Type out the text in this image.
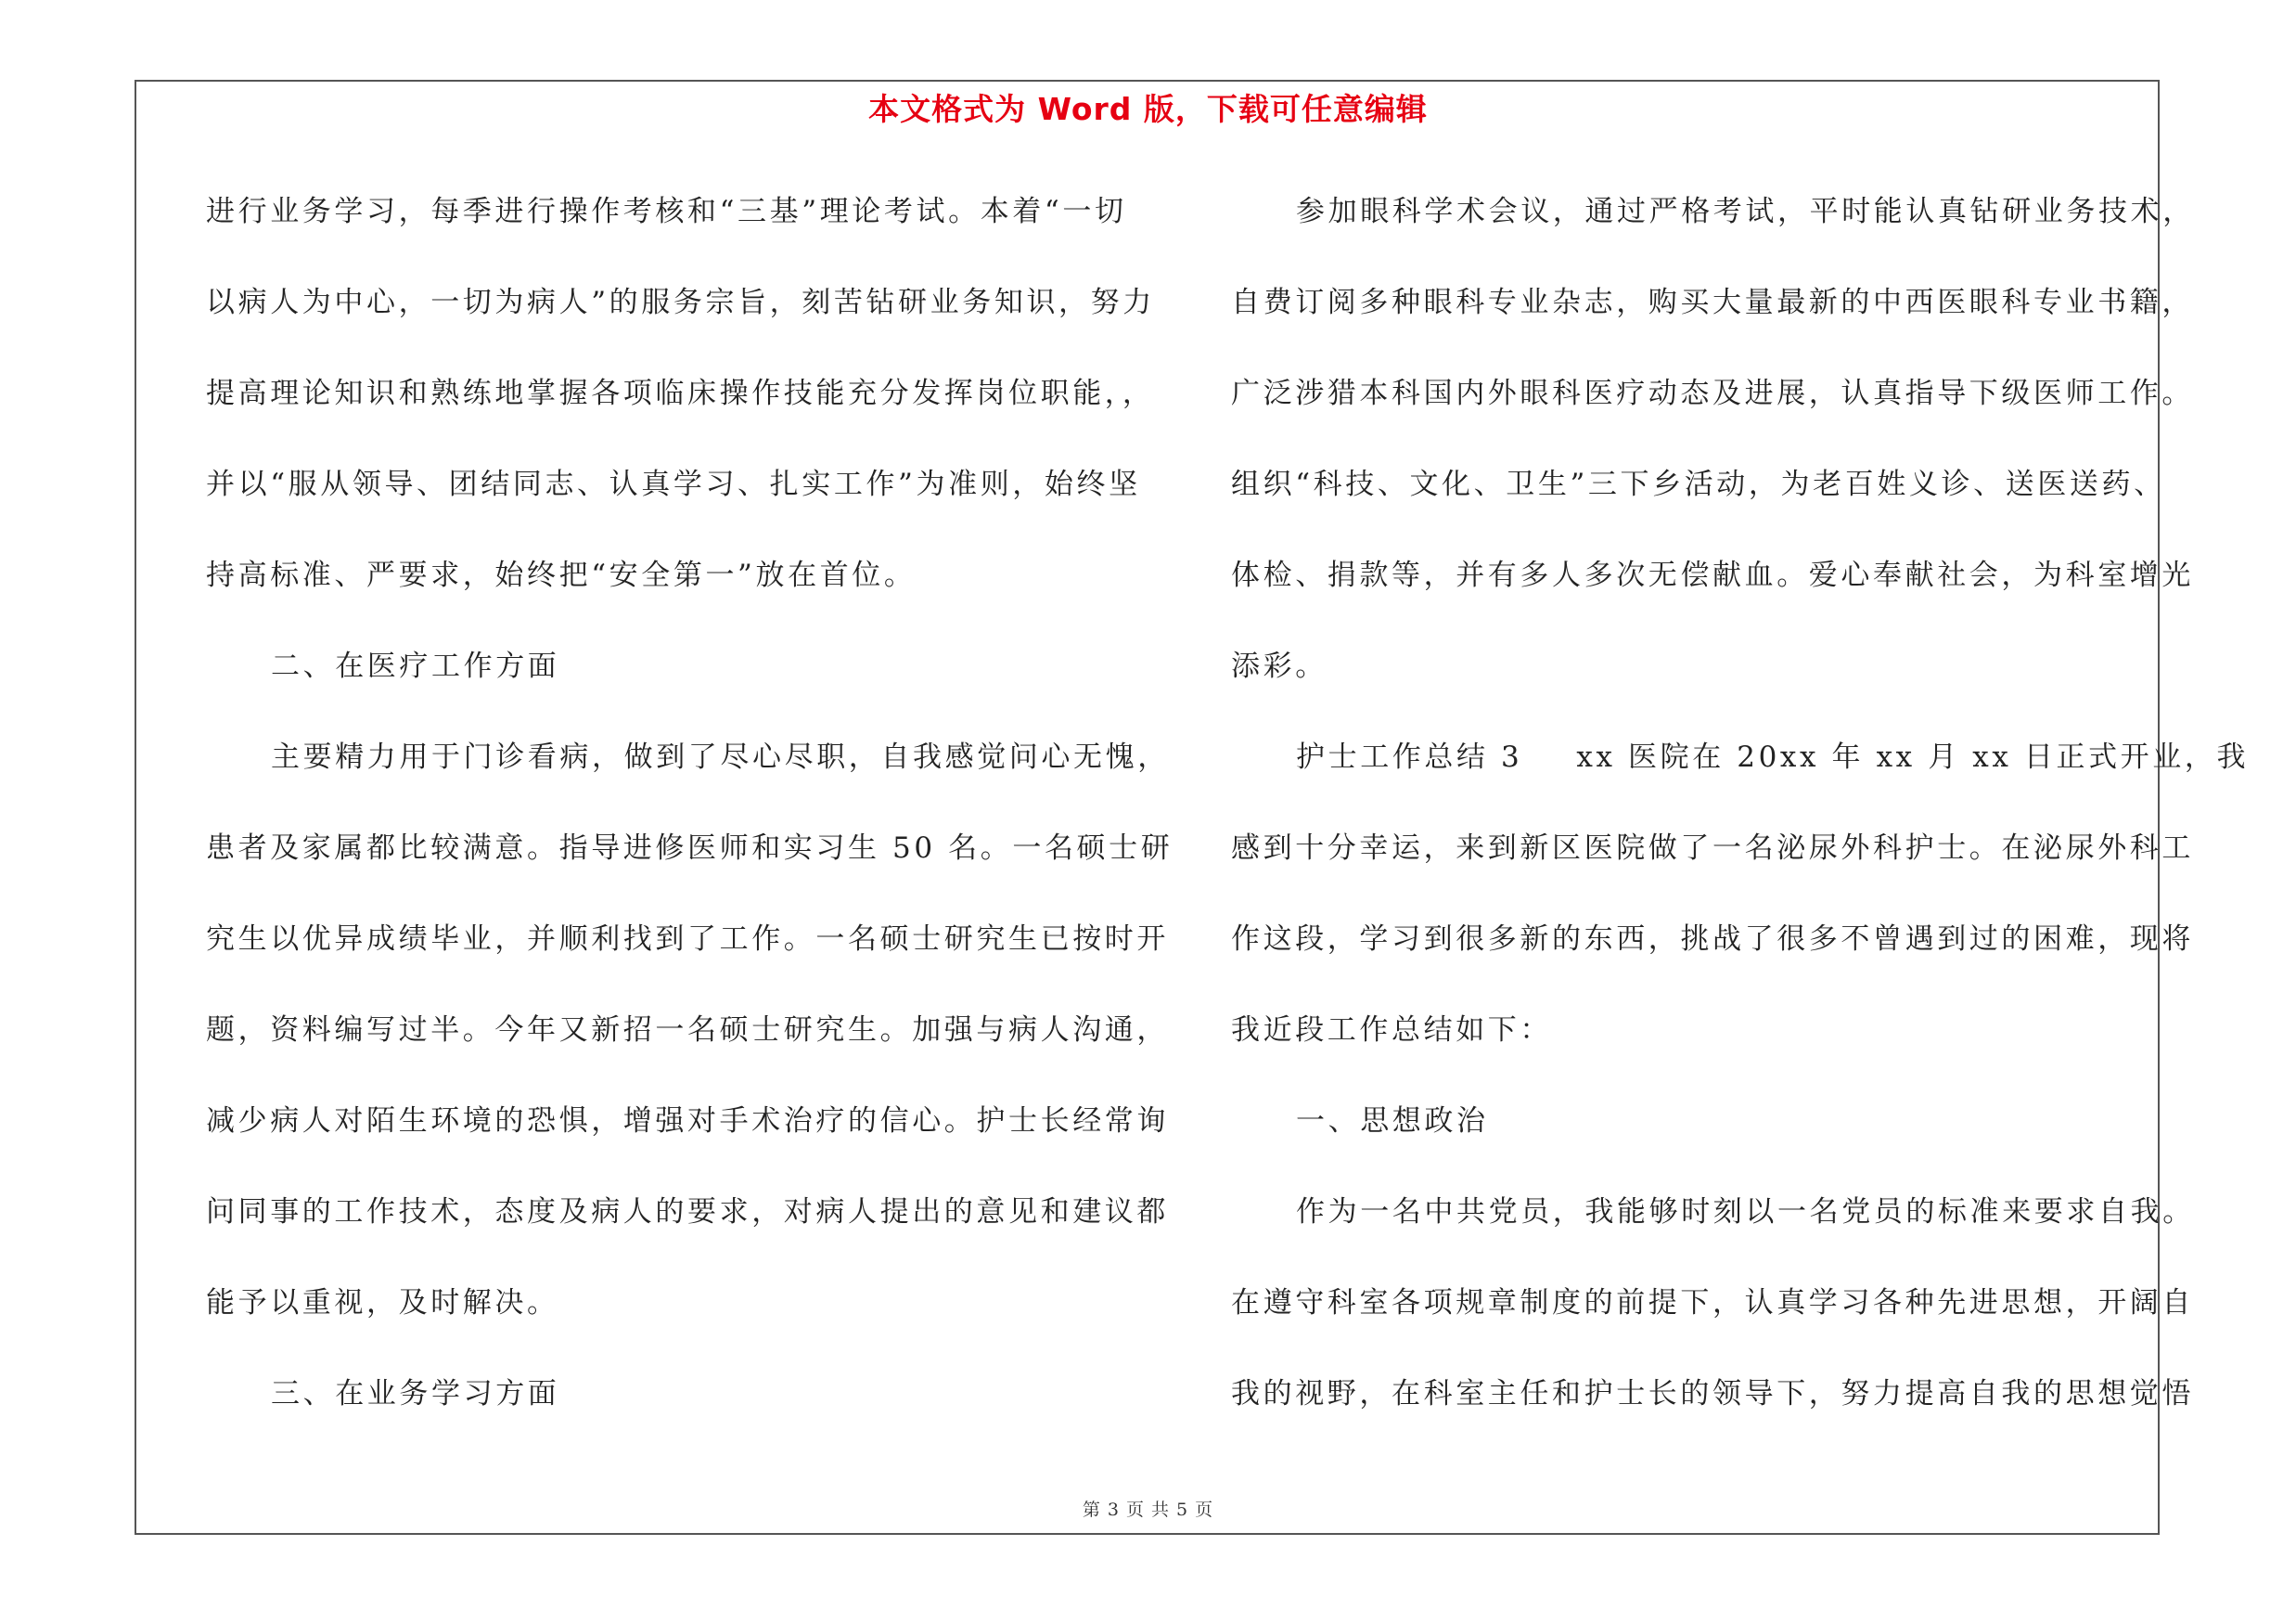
本文格式为 Word 版，下载可任意编辑
进行业务学习，每季进行操作考核和“三基”理论考试。本着“一切
以病人为中心，一切为病人”的服务宗旨，刻苦钻研业务知识，努力
提高理论知识和熟练地掌握各项临床操作技能充分发挥岗位职能，，
并以“服从领导、团结同志、认真学习、扎实工作”为准则，始终坚
持高标准、严要求，始终把“安全第一”放在首位。
二、在医疗工作方面
主要精力用于门诊看病，做到了尽心尽职，自我感觉问心无愧，
患者及家属都比较满意。指导进修医师和实习生 50 名。一名硕士研
究生以优异成绩毕业，并顺利找到了工作。一名硕士研究生已按时开
题，资料编写过半。今年又新招一名硕士研究生。加强与病人沟通，
减少病人对陌生环境的恐惧，增强对手术治疗的信心。护士长经常询
问同事的工作技术，态度及病人的要求，对病人提出的意见和建议都
能予以重视，及时解决。
三、在业务学习方面
参加眼科学术会议，通过严格考试，平时能认真钻研业务技术，
自费订阅多种眼科专业杂志，购买大量最新的中西医眼科专业书籍，
广泛涉猎本科国内外眼科医疗动态及进展，认真指导下级医师工作。
组织“科技、文化、卫生”三下乡活动，为老百姓义诊、送医送药、
体检、捐款等，并有多人多次无偿献血。爱心奉献社会，为科室增光
添彩。
护士工作总结 3 xx 医院在 20xx 年 xx 月 xx 日正式开业，我
感到十分幸运，来到新区医院做了一名泌尿外科护士。在泌尿外科工
作这段，学习到很多新的东西，挑战了很多不曾遇到过的困难，现将
我近段工作总结如下：
一、思想政治
作为一名中共党员，我能够时刻以一名党员的标准来要求自我。
在遵守科室各项规章制度的前提下，认真学习各种先进思想，开阔自
我的视野，在科室主任和护士长的领导下，努力提高自我的思想觉悟
第 3 页 共 5 页
